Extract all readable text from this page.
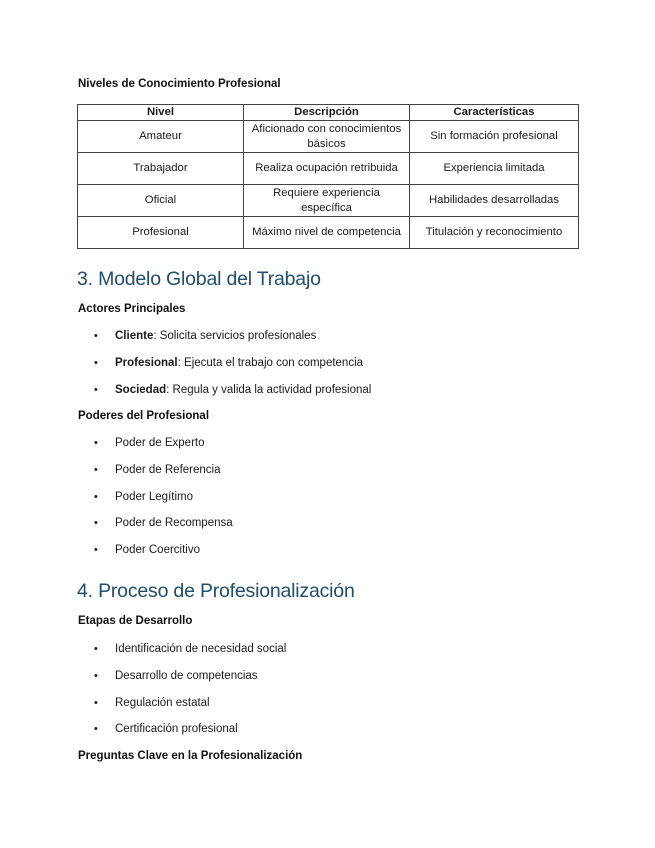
Niveles de Conocimiento Profesional
Nivel	Descripción	Características
Amateur	Aficionado con conocimientos básicos	Sin formación profesional
Trabajador	Realiza ocupación retribuida	Experiencia limitada
Oficial	Requiere experiencia específica	Habilidades desarrolladas
Profesional	Máximo nivel de competencia	Titulación y reconocimiento
3. Modelo Global del Trabajo
Actores Principales
• Cliente: Solicita servicios profesionales
• Profesional: Ejecuta el trabajo con competencia
• Sociedad: Regula y valida la actividad profesional
Poderes del Profesional
• Poder de Experto
• Poder de Referencia
• Poder Legítimo
• Poder de Recompensa
• Poder Coercitivo
4. Proceso de Profesionalización
Etapas de Desarrollo
• Identificación de necesidad social
• Desarrollo de competencias
• Regulación estatal
• Certificación profesional
Preguntas Clave en la Profesionalización
